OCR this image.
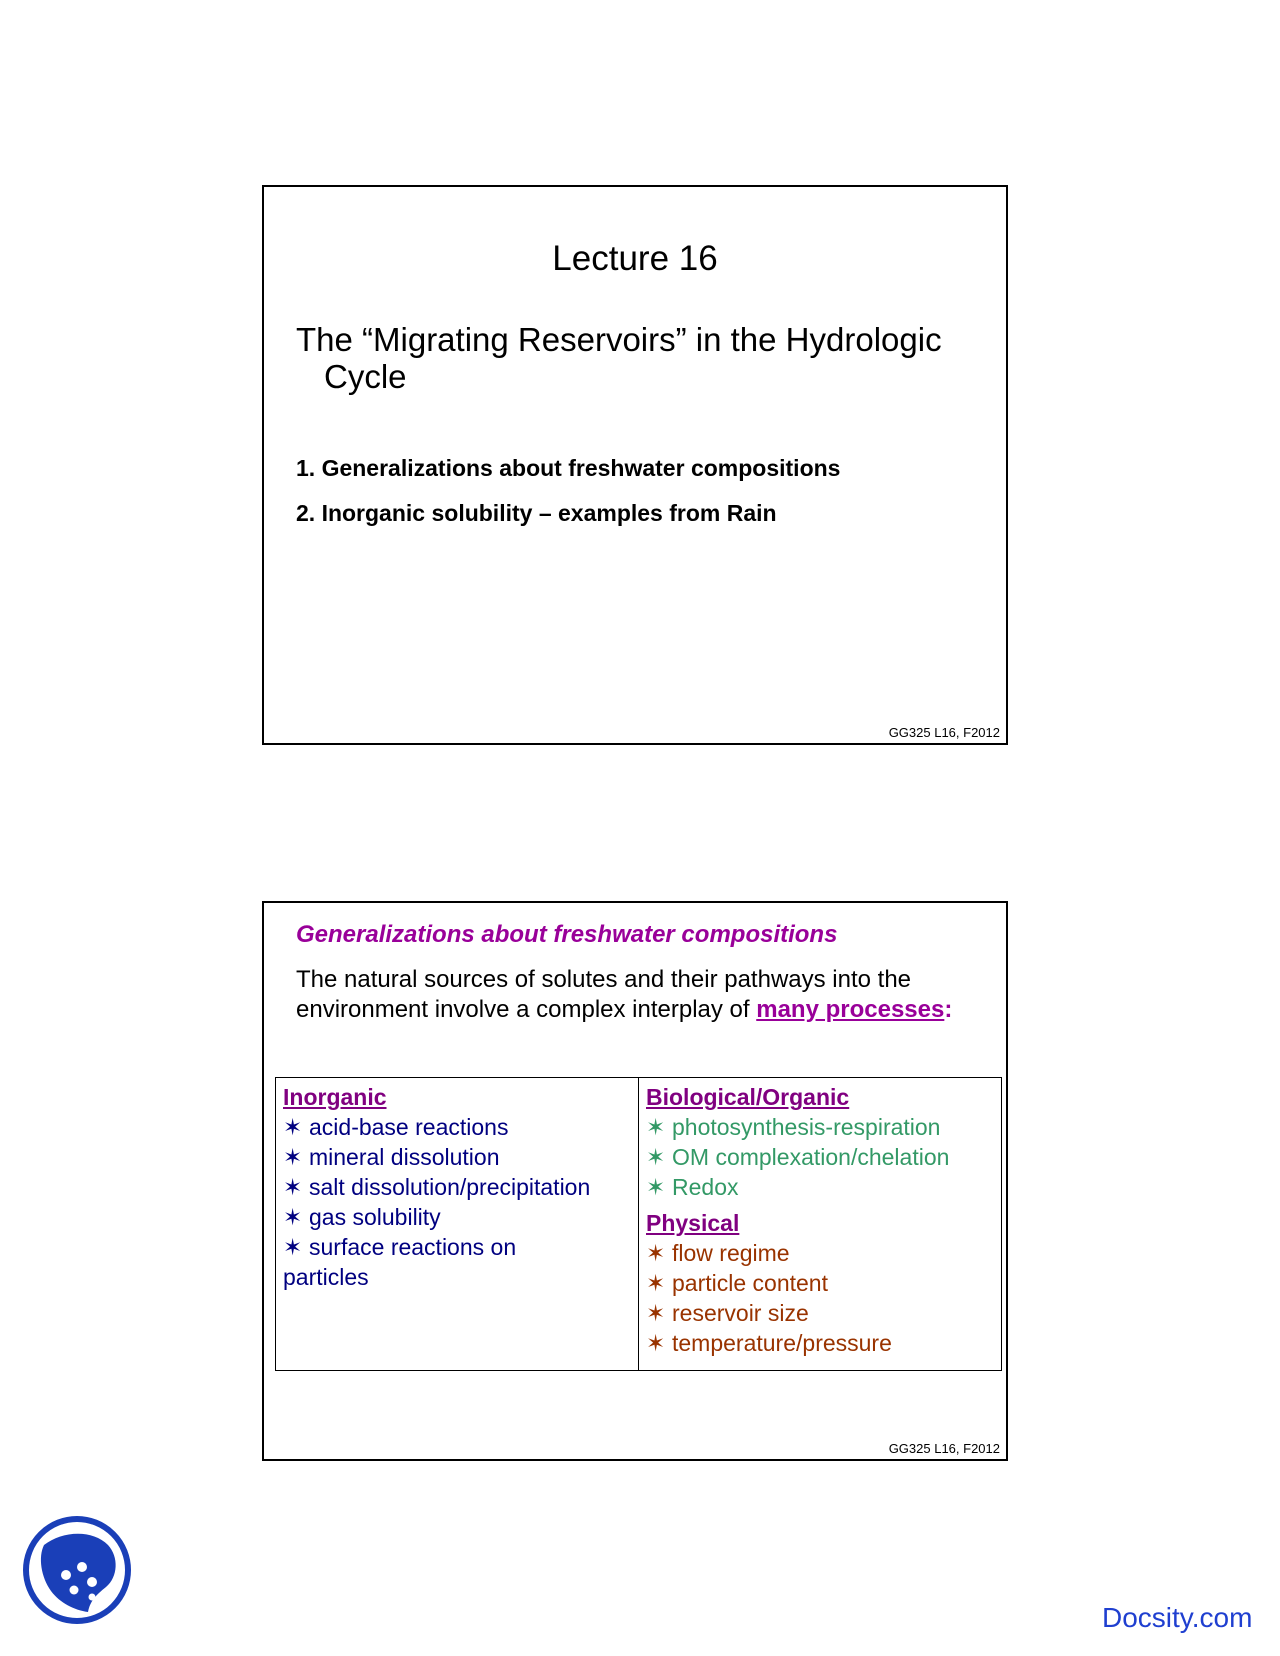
Lecture 16
The “Migrating Reservoirs” in the Hydrologic
Cycle
1. Generalizations about freshwater compositions
2. Inorganic solubility – examples from Rain
GG325 L16, F2012
Generalizations about freshwater compositions
The natural sources of solutes and their pathways into the
environment involve a complex interplay of many processes:
Inorganic
✶ acid-base reactions
✶ mineral dissolution
✶ salt dissolution/precipitation
✶ gas solubility
✶ surface reactions on
particles
Biological/Organic
✶ photosynthesis-respiration
✶ OM complexation/chelation
✶ Redox
Physical
✶ flow regime
✶ particle content
✶ reservoir size
✶ temperature/pressure
GG325 L16, F2012
Docsity.com
